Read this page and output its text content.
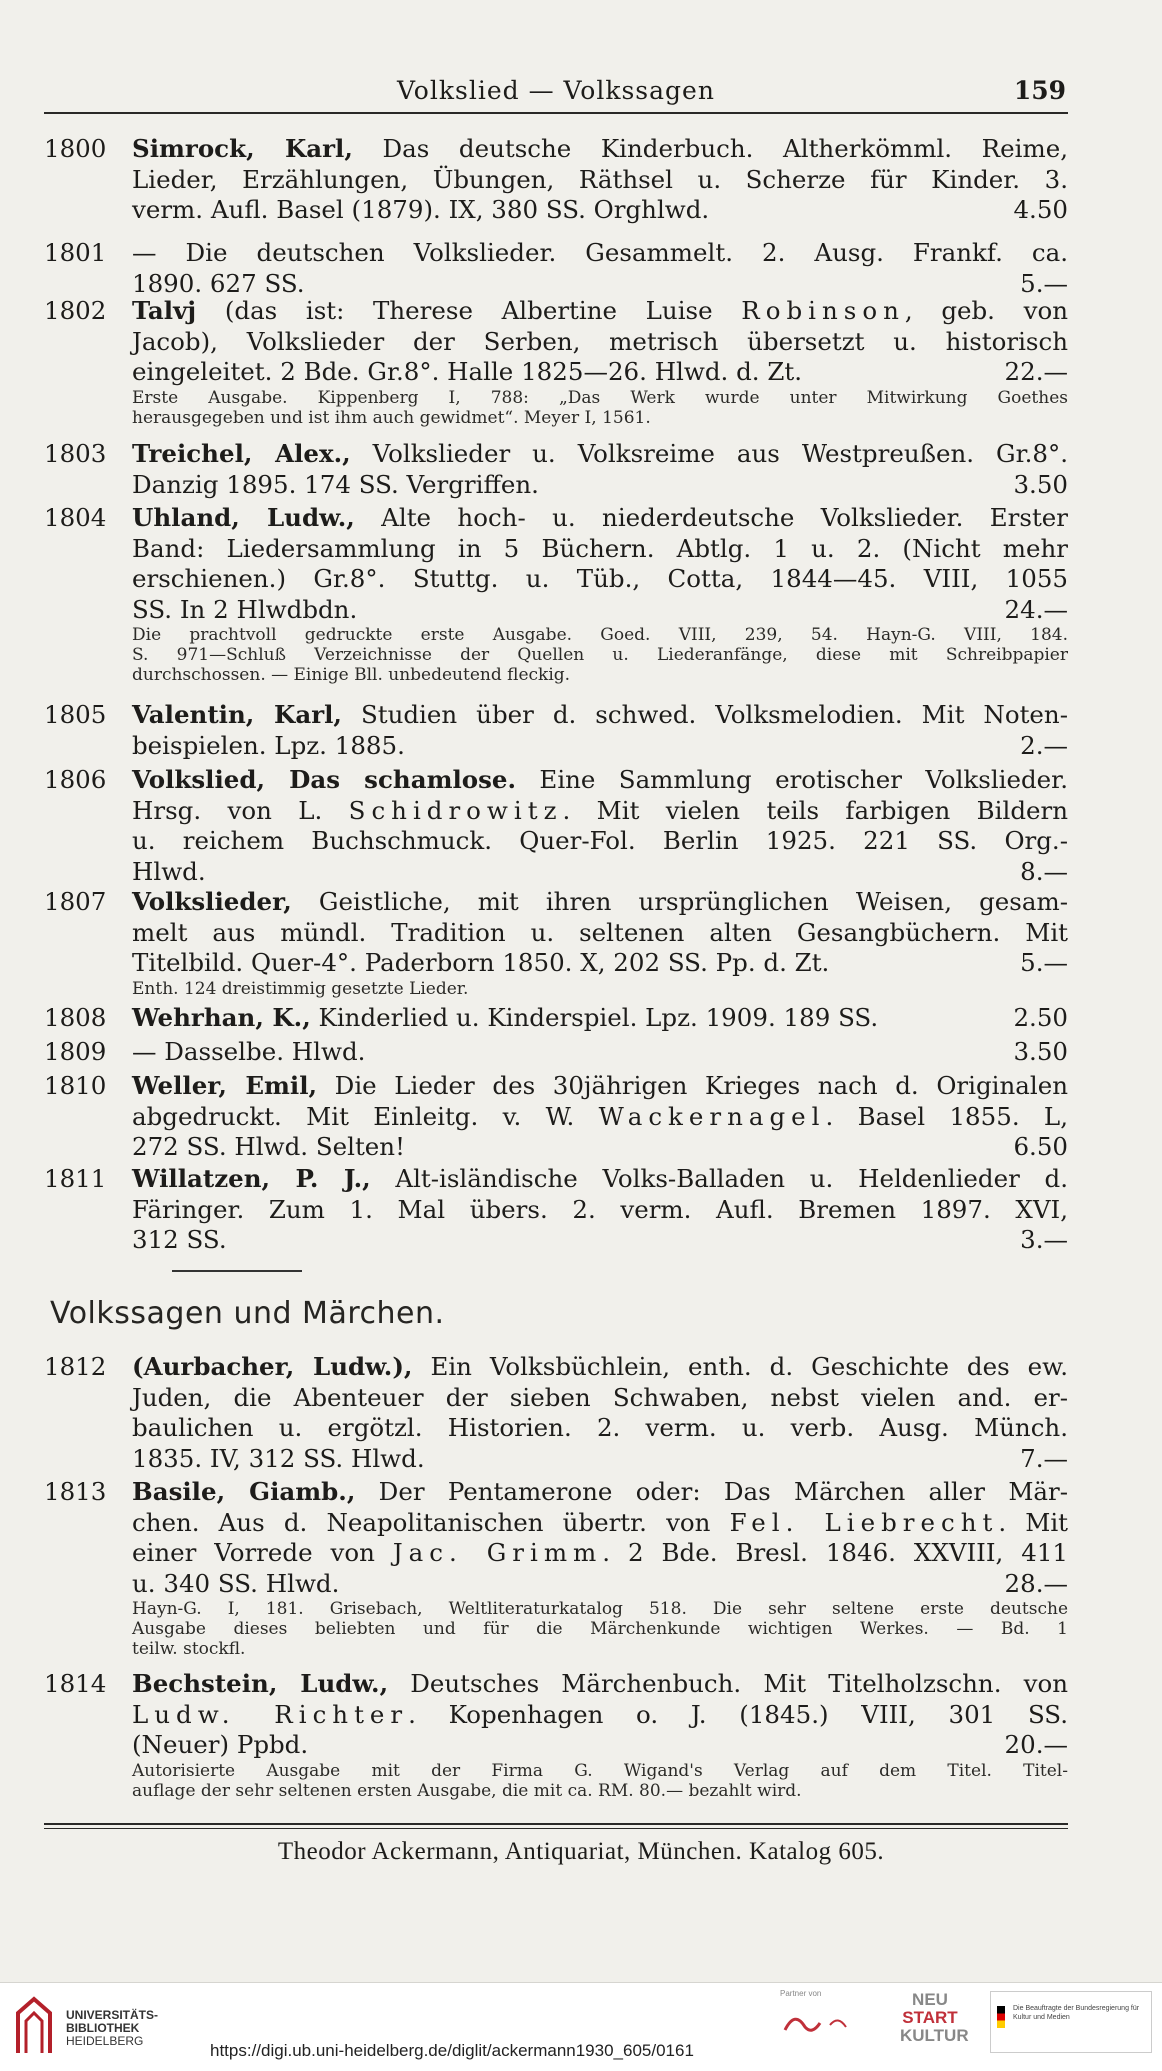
Volkslied — Volkssagen	159
1800 Simrock, Karl, Das deutsche Kinderbuch. Altherkömml. Reime,
Lieder, Erzählungen, Übungen, Räthsel u. Scherze für Kinder. 3.
verm. Aufl. Basel (1879). IX, 380 SS. Orghlwd.	4.50
1801 — Die deutschen Volkslieder. Gesammelt. 2. Ausg. Frankf. ca.
1890. 627 SS.	5.—
1802 Talvj (das ist: Therese Albertine Luise Robinson, geb. von
Jacob), Volkslieder der Serben, metrisch übersetzt u. historisch
eingeleitet. 2 Bde. Gr.8°. Halle 1825—26. Hlwd. d. Zt.	22.—
Erste Ausgabe. Kippenberg I, 788: „Das Werk wurde unter Mitwirkung Goethes
herausgegeben und ist ihm auch gewidmet“. Meyer I, 1561.
1803 Treichel, Alex., Volkslieder u. Volksreime aus Westpreußen. Gr.8°.
Danzig 1895. 174 SS. Vergriffen.	3.50
1804 Uhland, Ludw., Alte hoch- u. niederdeutsche Volkslieder. Erster
Band: Liedersammlung in 5 Büchern. Abtlg. 1 u. 2. (Nicht mehr
erschienen.) Gr.8°. Stuttg. u. Tüb., Cotta, 1844—45. VIII, 1055
SS. In 2 Hlwdbdn.	24.—
Die prachtvoll gedruckte erste Ausgabe. Goed. VIII, 239, 54. Hayn-G. VIII, 184.
S. 971—Schluß Verzeichnisse der Quellen u. Liederanfänge, diese mit Schreibpapier
durchschossen. — Einige Bll. unbedeutend fleckig.
1805 Valentin, Karl, Studien über d. schwed. Volksmelodien. Mit Noten-
beispielen. Lpz. 1885.	2.—
1806 Volkslied, Das schamlose. Eine Sammlung erotischer Volkslieder.
Hrsg. von L. Schidrowitz. Mit vielen teils farbigen Bildern
u. reichem Buchschmuck. Quer-Fol. Berlin 1925. 221 SS. Org.-
Hlwd.	8.—
1807 Volkslieder, Geistliche, mit ihren ursprünglichen Weisen, gesam-
melt aus mündl. Tradition u. seltenen alten Gesangbüchern. Mit
Titelbild. Quer-4°. Paderborn 1850. X, 202 SS. Pp. d. Zt.	5.—
Enth. 124 dreistimmig gesetzte Lieder.
1808 Wehrhan, K., Kinderlied u. Kinderspiel. Lpz. 1909. 189 SS.	2.50
1809 — Dasselbe. Hlwd.	3.50
1810 Weller, Emil, Die Lieder des 30jährigen Krieges nach d. Originalen
abgedruckt. Mit Einleitg. v. W. Wackernagel. Basel 1855. L,
272 SS. Hlwd. Selten!	6.50
1811 Willatzen, P. J., Alt-isländische Volks-Balladen u. Heldenlieder d.
Färinger. Zum 1. Mal übers. 2. verm. Aufl. Bremen 1897. XVI,
312 SS.	3.—
Volkssagen und Märchen.
1812 (Aurbacher, Ludw.), Ein Volksbüchlein, enth. d. Geschichte des ew.
Juden, die Abenteuer der sieben Schwaben, nebst vielen and. er-
baulichen u. ergötzl. Historien. 2. verm. u. verb. Ausg. Münch.
1835. IV, 312 SS. Hlwd.	7.—
1813 Basile, Giamb., Der Pentamerone oder: Das Märchen aller Mär-
chen. Aus d. Neapolitanischen übertr. von Fel. Liebrecht. Mit
einer Vorrede von Jac. Grimm. 2 Bde. Bresl. 1846. XXVIII, 411
u. 340 SS. Hlwd.	28.—
Hayn-G. I, 181. Grisebach, Weltliteraturkatalog 518. Die sehr seltene erste deutsche
Ausgabe dieses beliebten und für die Märchenkunde wichtigen Werkes. — Bd. 1
teilw. stockfl.
1814 Bechstein, Ludw., Deutsches Märchenbuch. Mit Titelholzschn. von
Ludw. Richter. Kopenhagen o. J. (1845.) VIII, 301 SS.
(Neuer) Ppbd.	20.—
Autorisierte Ausgabe mit der Firma G. Wigand's Verlag auf dem Titel. Titel-
auflage der sehr seltenen ersten Ausgabe, die mit ca. RM. 80.— bezahlt wird.
Theodor Ackermann, Antiquariat, München. Katalog 605.
UNIVERSITÄTS-
BIBLIOTHEK
HEIDELBERG	https://digi.ub.uni-heidelberg.de/diglit/ackermann1930_605/0161
Partner von	NEU
START
KULTUR
Die Beauftragte der Bundesregierung für Kultur und Medien
